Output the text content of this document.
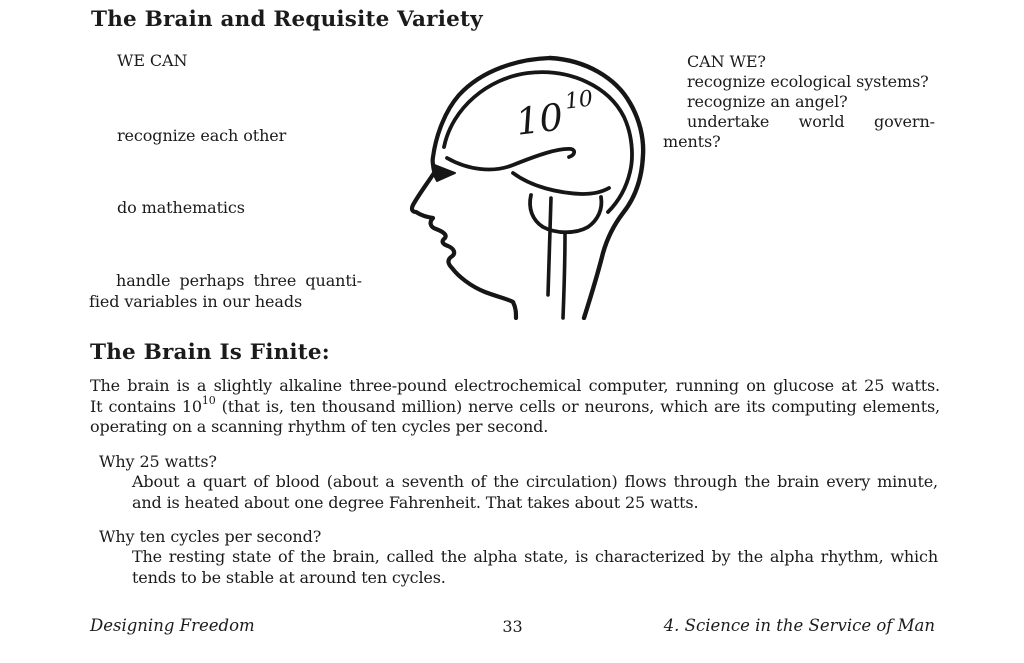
The Brain and Requisite Variety
WE CAN
recognize each other
do mathematics
handle perhaps three quanti-
fied variables in our heads
$10^{10}$
CAN WE?
recognize ecological systems?
recognize an angel?
undertake world govern-
ments?
The Brain Is Finite:
The brain is a slightly alkaline three-pound electrochemical computer, running on glucose at 25 watts.
It contains $10^{10}$ (that is, ten thousand million) nerve cells or neurons, which are its computing elements,
operating on a scanning rhythm of ten cycles per second.
Why 25 watts?
About a quart of blood (about a seventh of the circulation) flows through the brain every minute,
and is heated about one degree Fahrenheit. That takes about 25 watts.
Why ten cycles per second?
The resting state of the brain, called the alpha state, is characterized by the alpha rhythm, which
tends to be stable at around ten cycles.
Designing Freedom	33	4. Science in the Service of Man
